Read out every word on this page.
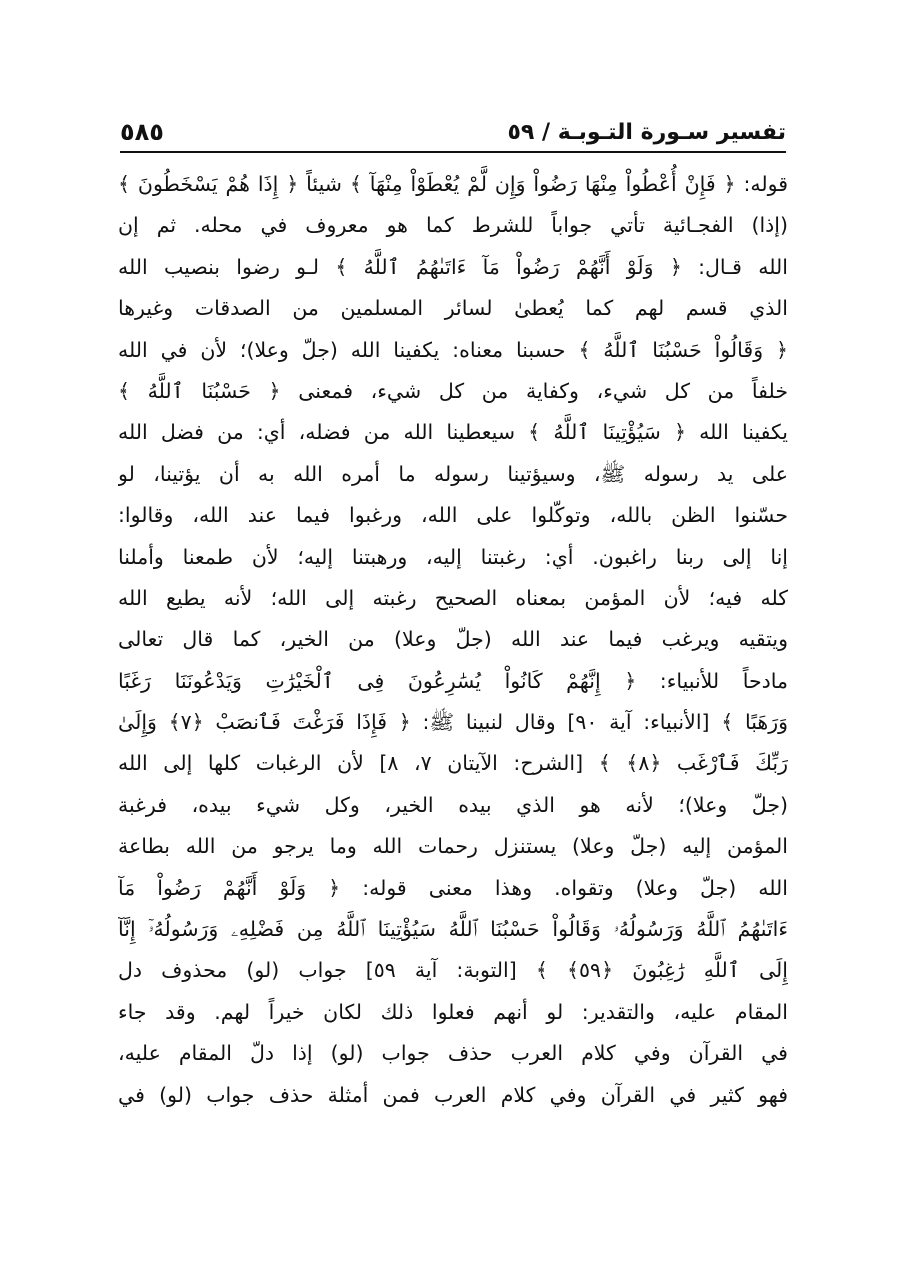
تفسير سـورة التـوبـة / ٥٩
٥٨٥
قوله: ﴿ فَإِنْ أُعْطُواْ مِنْهَا رَضُواْ وَإِن لَّمْ يُعْطَوْاْ مِنْهَآ ﴾ شيئاً ﴿ إِذَا هُمْ يَسْخَطُونَ ﴾
(إذا) الفجـائية تأتي جواباً للشرط كما هو معروف في محله. ثم إن
الله قـال: ﴿ وَلَوْ أَنَّهُمْ رَضُواْ مَآ ءَاتَىٰهُمُ ٱللَّهُ ﴾ لـو رضوا بنصيب الله
الذي قسم لهم كما يُعطىٰ لسائر المسلمين من الصدقات وغيرها
﴿ وَقَالُواْ حَسْبُنَا ٱللَّهُ ﴾ حسبنا معناه: يكفينا الله (جلّ وعلا)؛ لأن في الله
خلفاً من كل شيء، وكفاية من كل شيء، فمعنى ﴿ حَسْبُنَا ٱللَّهُ ﴾
يكفينا الله ﴿ سَيُؤْتِينَا ٱللَّهُ ﴾ سيعطينا الله من فضله، أي: من فضل الله
على يد رسوله ﷺ، وسيؤتينا رسوله ما أمره الله به أن يؤتينا، لو
حسّنوا الظن بالله، وتوكّلوا على الله، ورغبوا فيما عند الله، وقالوا:
إنا إلى ربنا راغبون. أي: رغبتنا إليه، ورهبتنا إليه؛ لأن طمعنا وأملنا
كله فيه؛ لأن المؤمن بمعناه الصحيح رغبته إلى الله؛ لأنه يطيع الله
ويتقيه ويرغب فيما عند الله (جلّ وعلا) من الخير، كما قال تعالى
مادحاً للأنبياء: ﴿ إِنَّهُمْ كَانُواْ يُسَٰرِعُونَ فِى ٱلْخَيْرَٰتِ وَيَدْعُونَنَا رَغَبًا
وَرَهَبًا ﴾ [الأنبياء: آية ٩٠] وقال لنبينا ﷺ: ﴿ فَإِذَا فَرَغْتَ فَٱنصَبْ ﴿٧﴾ وَإِلَىٰ
رَبِّكَ فَٱرْغَب ﴿٨﴾ ﴾ [الشرح: الآيتان ٧، ٨] لأن الرغبات كلها إلى الله
(جلّ وعلا)؛ لأنه هو الذي بيده الخير، وكل شيء بيده، فرغبة
المؤمن إليه (جلّ وعلا) يستنزل رحمات الله وما يرجو من الله بطاعة
الله (جلّ وعلا) وتقواه. وهذا معنى قوله: ﴿ وَلَوْ أَنَّهُمْ رَضُواْ مَآ
ءَاتَىٰهُمُ ٱللَّهُ وَرَسُولُهُۥ وَقَالُواْ حَسْبُنَا ٱللَّهُ سَيُؤْتِينَا ٱللَّهُ مِن فَضْلِهِۦ وَرَسُولُهُۥٓ إِنَّآ
إِلَى ٱللَّهِ رَٰغِبُونَ ﴿٥٩﴾ ﴾ [التوبة: آية ٥٩] جواب (لو) محذوف دل
المقام عليه، والتقدير: لو أنهم فعلوا ذلك لكان خيراً لهم. وقد جاء
في القرآن وفي كلام العرب حذف جواب (لو) إذا دلّ المقام عليه،
فهو كثير في القرآن وفي كلام العرب فمن أمثلة حذف جواب (لو) في
